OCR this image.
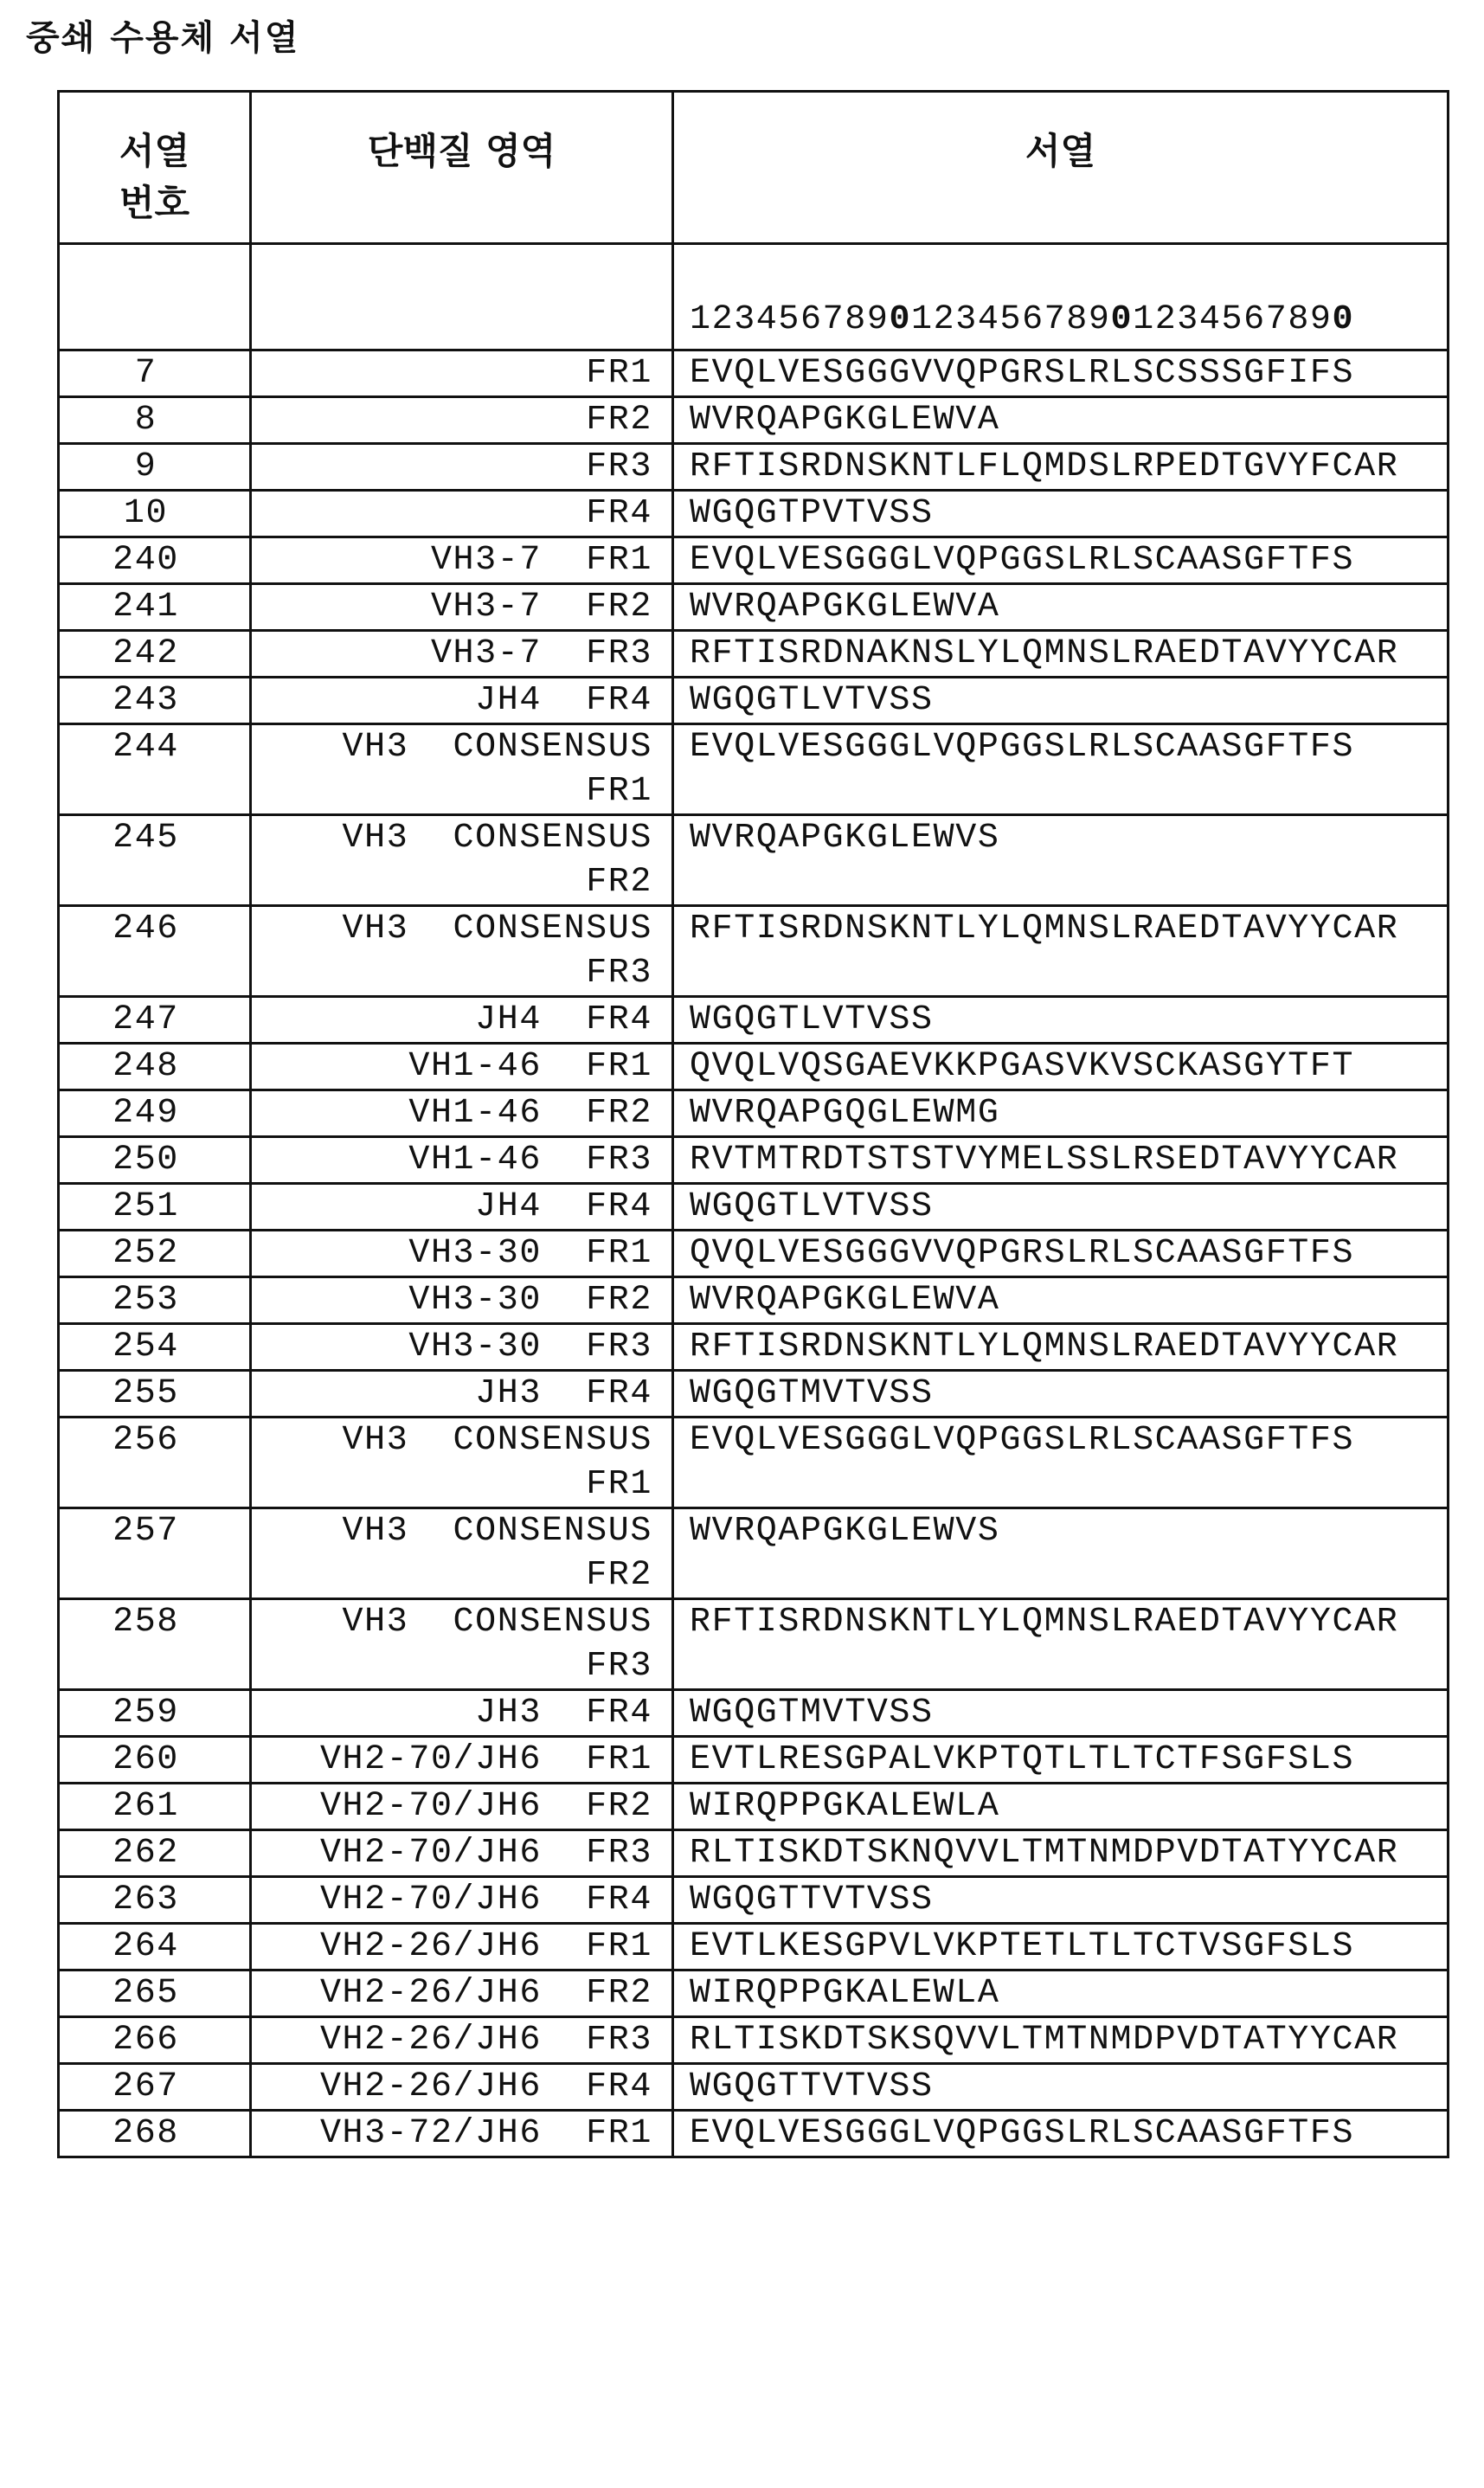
중쇄 수용체 서열
서열
번호	단백질 영역	서열
		123456789012345678901234567890
7	FR1	EVQLVESGGGVVQPGRSLRLSCSSSGFIFS
8	FR2	WVRQAPGKGLEWVA
9	FR3	RFTISRDNSKNTLFLQMDSLRPEDTGVYFCAR
10	FR4	WGQGTPVTVSS
240	VH3-7  FR1	EVQLVESGGGLVQPGGSLRLSCAASGFTFS
241	VH3-7  FR2	WVRQAPGKGLEWVA
242	VH3-7  FR3	RFTISRDNAKNSLYLQMNSLRAEDTAVYYCAR
243	JH4  FR4	WGQGTLVTVSS
244	VH3  CONSENSUS
FR1	EVQLVESGGGLVQPGGSLRLSCAASGFTFS
245	VH3  CONSENSUS
FR2	WVRQAPGKGLEWVS
246	VH3  CONSENSUS
FR3	RFTISRDNSKNTLYLQMNSLRAEDTAVYYCAR
247	JH4  FR4	WGQGTLVTVSS
248	VH1-46  FR1	QVQLVQSGAEVKKPGASVKVSCKASGYTFT
249	VH1-46  FR2	WVRQAPGQGLEWMG
250	VH1-46  FR3	RVTMTRDTSTSTVYMELSSLRSEDTAVYYCAR
251	JH4  FR4	WGQGTLVTVSS
252	VH3-30  FR1	QVQLVESGGGVVQPGRSLRLSCAASGFTFS
253	VH3-30  FR2	WVRQAPGKGLEWVA
254	VH3-30  FR3	RFTISRDNSKNTLYLQMNSLRAEDTAVYYCAR
255	JH3  FR4	WGQGTMVTVSS
256	VH3  CONSENSUS
FR1	EVQLVESGGGLVQPGGSLRLSCAASGFTFS
257	VH3  CONSENSUS
FR2	WVRQAPGKGLEWVS
258	VH3  CONSENSUS
FR3	RFTISRDNSKNTLYLQMNSLRAEDTAVYYCAR
259	JH3  FR4	WGQGTMVTVSS
260	VH2-70/JH6  FR1	EVTLRESGPALVKPTQTLTLTCTFSGFSLS
261	VH2-70/JH6  FR2	WIRQPPGKALEWLA
262	VH2-70/JH6  FR3	RLTISKDTSKNQVVLTMTNMDPVDTATYYCAR
263	VH2-70/JH6  FR4	WGQGTTVTVSS
264	VH2-26/JH6  FR1	EVTLKESGPVLVKPTETLTLTCTVSGFSLS
265	VH2-26/JH6  FR2	WIRQPPGKALEWLA
266	VH2-26/JH6  FR3	RLTISKDTSKSQVVLTMTNMDPVDTATYYCAR
267	VH2-26/JH6  FR4	WGQGTTVTVSS
268	VH3-72/JH6  FR1	EVQLVESGGGLVQPGGSLRLSCAASGFTFS
